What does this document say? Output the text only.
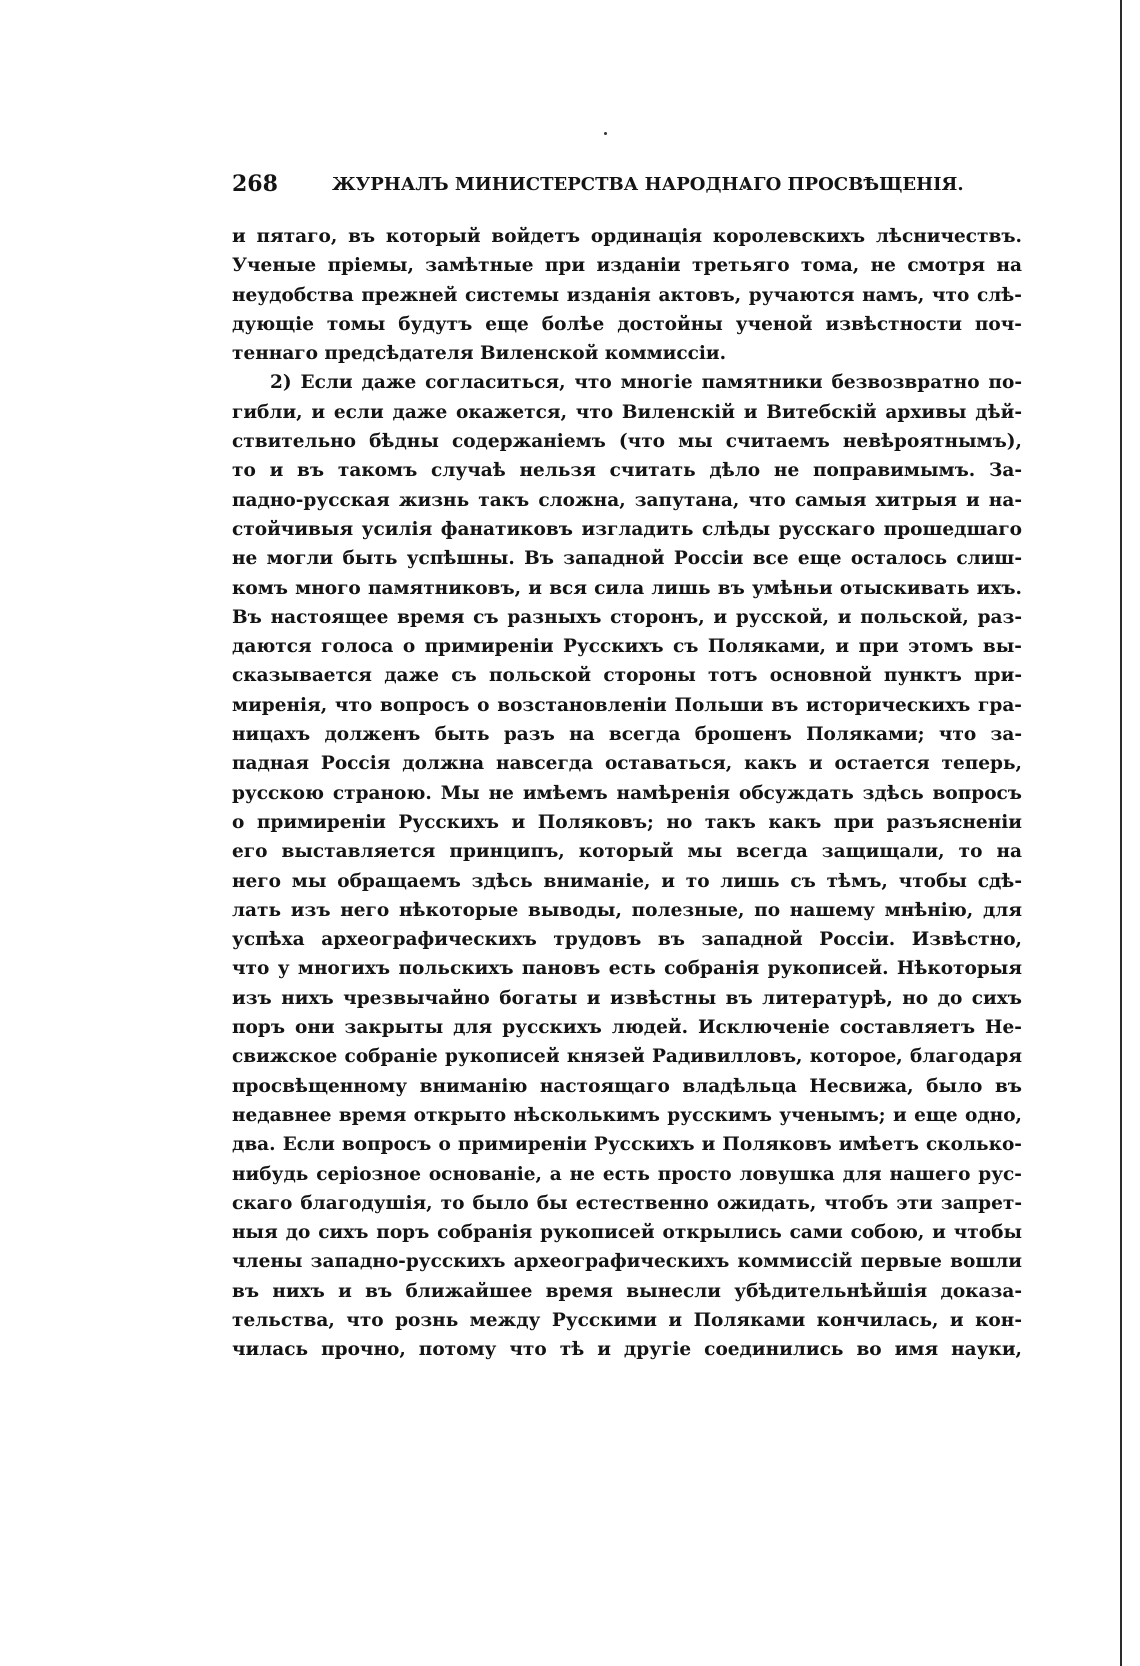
268	ЖУРНАЛЪ МИНИСТЕРСТВА НАРОДНАГО ПРОСВѢЩЕНІЯ.
и пятаго, въ который войдетъ ординація королевскихъ лѣсничествъ.
Ученые пріемы, замѣтные при изданіи третьяго тома, не смотря на
неудобства прежней системы изданія актовъ, ручаются намъ, что слѣ-
дующіе томы будутъ еще болѣе достойны ученой извѣстности поч-
теннаго предсѣдателя Виленской коммиссіи.
2) Если даже согласиться, что многіе памятники безвозвратно по-
гибли, и если даже окажется, что Виленскій и Витебскій архивы дѣй-
ствительно бѣдны содержаніемъ (что мы считаемъ невѣроятнымъ),
то и въ такомъ случаѣ нельзя считать дѣло не поправимымъ. За-
падно-русская жизнь такъ сложна, запутана, что самыя хитрыя и на-
стойчивыя усилія фанатиковъ изгладить слѣды русскаго прошедшаго
не могли быть успѣшны. Въ западной Россіи все еще осталось слиш-
комъ много памятниковъ, и вся сила лишь въ умѣньи отыскивать ихъ.
Въ настоящее время съ разныхъ сторонъ, и русской, и польской, раз-
даются голоса о примиреніи Русскихъ съ Поляками, и при этомъ вы-
сказывается даже съ польской стороны тотъ основной пунктъ при-
миренія, что вопросъ о возстановленіи Польши въ историческихъ гра-
ницахъ долженъ быть разъ на всегда брошенъ Поляками; что за-
падная Россія должна навсегда оставаться, какъ и остается теперь,
русскою страною. Мы не имѣемъ намѣренія обсуждать здѣсь вопросъ
о примиреніи Русскихъ и Поляковъ; но такъ какъ при разъясненіи
его выставляется принципъ, который мы всегда защищали, то на
него мы обращаемъ здѣсь вниманіе, и то лишь съ тѣмъ, чтобы сдѣ-
лать изъ него нѣкоторые выводы, полезные, по нашему мнѣнію, для
успѣха археографическихъ трудовъ въ западной Россіи. Извѣстно,
что у многихъ польскихъ пановъ есть собранія рукописей. Нѣкоторыя
изъ нихъ чрезвычайно богаты и извѣстны въ литературѣ, но до сихъ
поръ они закрыты для русскихъ людей. Исключеніе составляетъ Не-
свижское собраніе рукописей князей Радивилловъ, которое, благодаря
просвѣщенному вниманію настоящаго владѣльца Несвижа, было въ
недавнее время открыто нѣсколькимъ русскимъ ученымъ; и еще одно,
два. Если вопросъ о примиреніи Русскихъ и Поляковъ имѣетъ сколько-
нибудь серіозное основаніе, а не есть просто ловушка для нашего рус-
скаго благодушія, то было бы естественно ожидать, чтобъ эти запрет-
ныя до сихъ поръ собранія рукописей открылись сами собою, и чтобы
члены западно-русскихъ археографическихъ коммиссій первые вошли
въ нихъ и въ ближайшее время вынесли убѣдительнѣйшія доказа-
тельства, что рознь между Русскими и Поляками кончилась, и кон-
чилась прочно, потому что тѣ и другіе соединились во имя науки,
